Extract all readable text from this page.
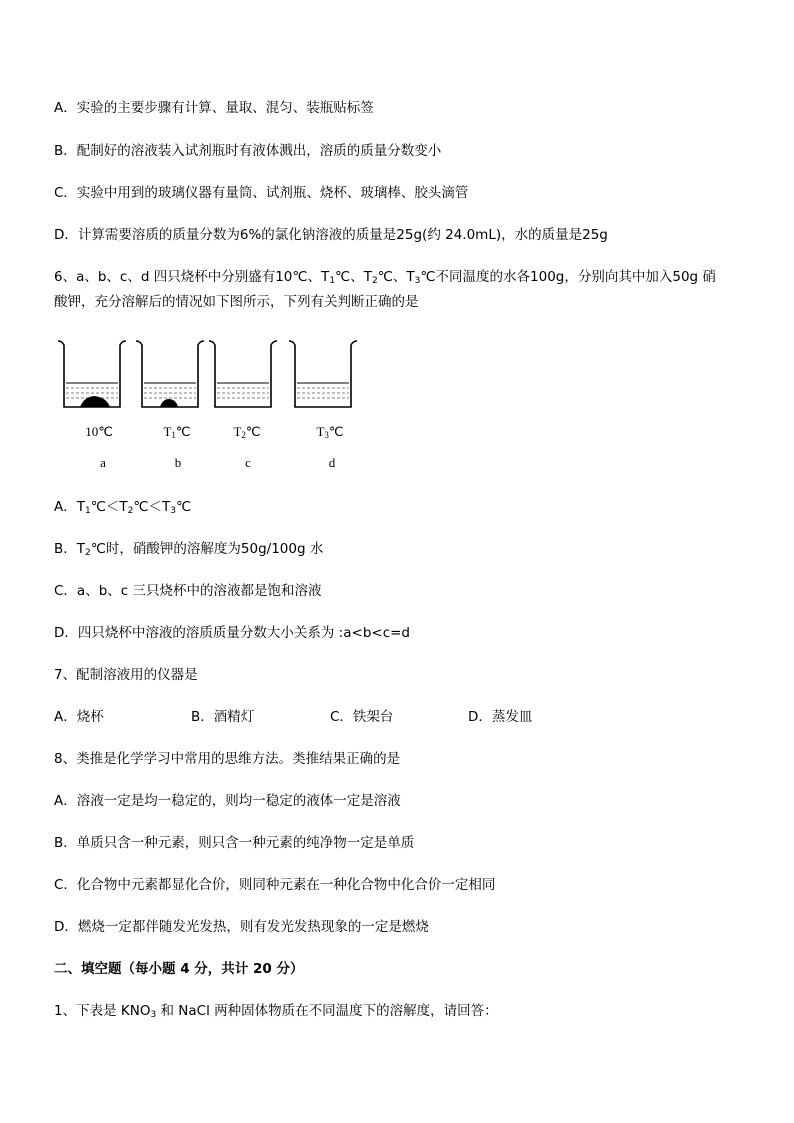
A．实验的主要步骤有计算、量取、混匀、装瓶贴标签
B．配制好的溶液装入试剂瓶时有液体溅出，溶质的质量分数变小
C．实验中用到的玻璃仪器有量筒、试剂瓶、烧杯、玻璃棒、胶头滴管
D．计算需要溶质的质量分数为6%的氯化钠溶液的质量是25g(约 24.0mL)，水的质量是25g
6、a、b、c、d 四只烧杯中分别盛有10℃、$T_1℃$、$T_2℃$、$T_3℃$不同温度的水各100g，分别向其中加入50g 硝
酸钾，充分溶解后的情况如下图所示，下列有关判断正确的是
10℃	$T_1℃$	$T_2℃$	$T_3℃$
a	b	c	d
A．$T_1℃<T_2℃<T_3℃$
B．$T_2℃$时，硝酸钾的溶解度为50g/100g 水
C．a、b、c 三只烧杯中的溶液都是饱和溶液
D．四只烧杯中溶液的溶质质量分数大小关系为 :a<b<c=d
7、配制溶液用的仪器是
A．烧杯	B．酒精灯	C．铁架台	D．蒸发皿
8、类推是化学学习中常用的思维方法。类推结果正确的是
A．溶液一定是均一稳定的，则均一稳定的液体一定是溶液
B．单质只含一种元素，则只含一种元素的纯净物一定是单质
C．化合物中元素都显化合价，则同种元素在一种化合物中化合价一定相同
D．燃烧一定都伴随发光发热，则有发光发热现象的一定是燃烧
二、填空题（每小题 4 分，共计 20 分）
1、下表是 $KNO_3$ 和 NaCl 两种固体物质在不同温度下的溶解度，请回答：
